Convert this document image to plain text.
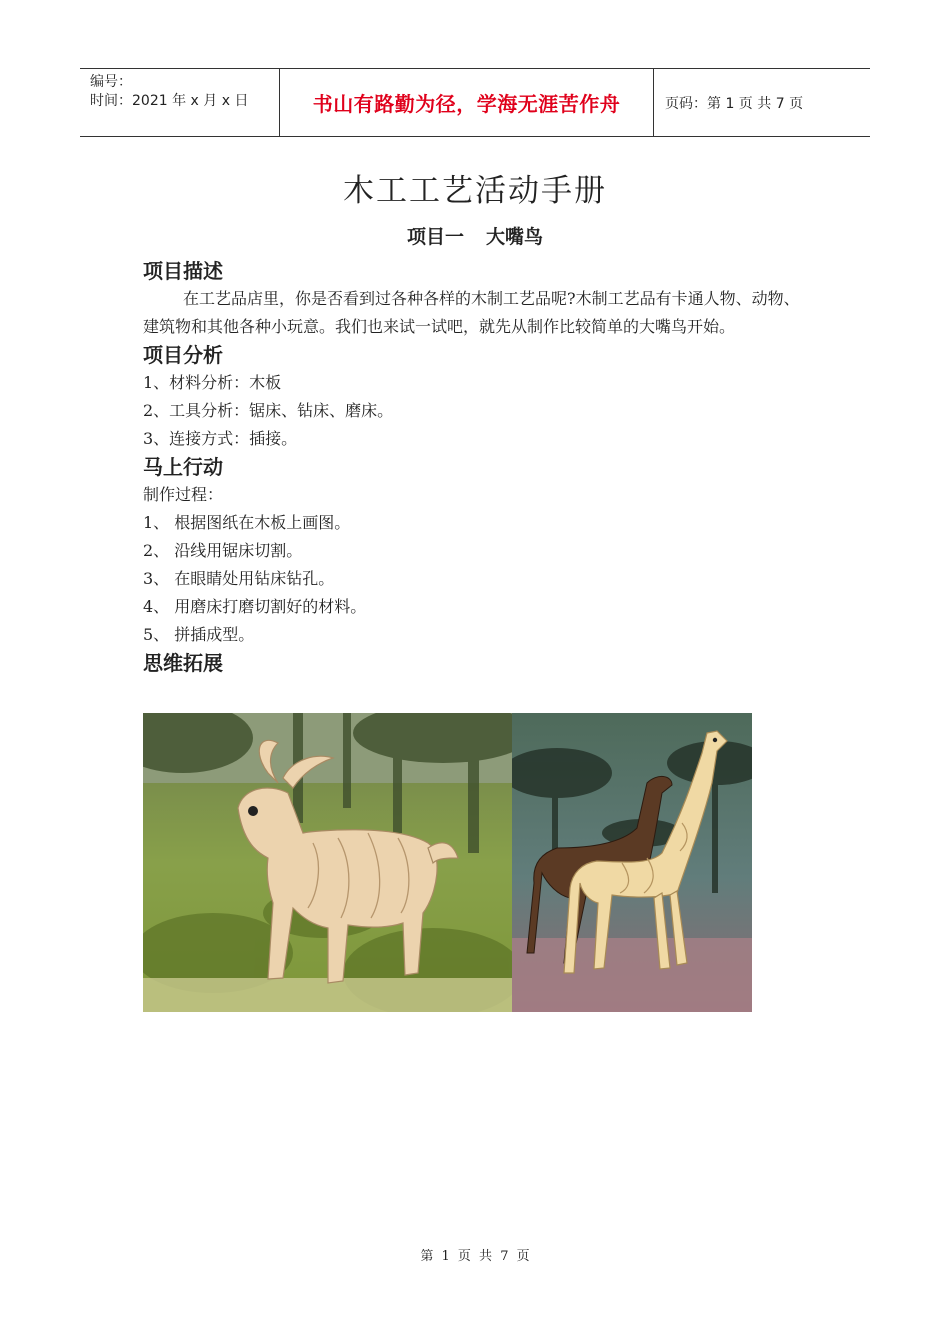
编号：
时间：2021 年 x 月 x 日	书山有路勤为径，学海无涯苦作舟	页码：第 1 页 共 7 页
木工工艺活动手册
项目一 大嘴鸟
项目描述

在工艺品店里，你是否看到过各种各样的木制工艺品呢?木制工艺品有卡通人物、动物、建筑物和其他各种小玩意。我们也来试一试吧，就先从制作比较简单的大嘴鸟开始。

项目分析

1、材料分析：木板

2、工具分析：锯床、钻床、磨床。

3、连接方式：插接。

马上行动

制作过程：

1、 根据图纸在木板上画图。

2、 沿线用锯床切割。

3、 在眼睛处用钻床钻孔。

4、 用磨床打磨切割好的材料。

5、 拼插成型。

思维拓展
第 1 页 共 7 页
